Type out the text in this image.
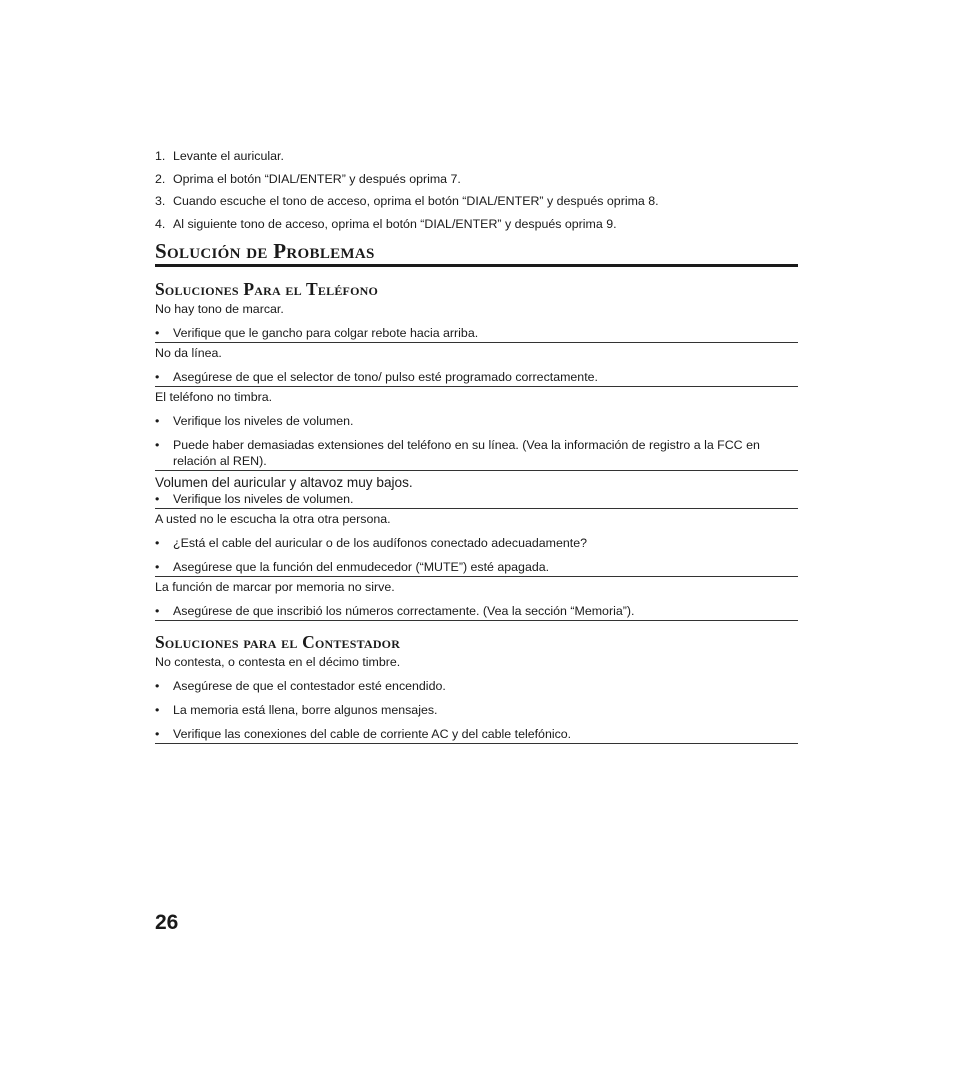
1. Levante el auricular.
2. Oprima el botón “DIAL/ENTER” y después oprima 7.
3. Cuando escuche el tono de acceso, oprima el botón “DIAL/ENTER” y después oprima 8.
4. Al siguiente tono de acceso, oprima el botón “DIAL/ENTER” y después oprima 9.
Solución de Problemas
Soluciones Para el Teléfono
No hay tono de marcar.
•	Verifique que le gancho para colgar rebote hacia arriba.
No da línea.
•	Asegúrese de que el selector de tono/ pulso esté programado correctamente.
El teléfono no timbra.
•	Verifique los niveles de volumen.
•	Puede haber demasiadas extensiones del teléfono en su línea. (Vea la información de registro a la FCC en relación al REN).
Volumen del auricular y altavoz muy bajos.
•	Verifique los niveles de volumen.
A usted no le escucha la otra otra persona.
•	¿Está el cable del auricular o de los audífonos conectado adecuadamente?
•	Asegúrese que la función del enmudecedor (“MUTE”) esté apagada.
La función de marcar por memoria no sirve.
•	Asegúrese de que inscribió los números correctamente. (Vea la sección “Memoria”).
Soluciones para el Contestador
No contesta, o contesta en el décimo timbre.
•	Asegúrese de que el contestador esté encendido.
•	La memoria está llena, borre algunos mensajes.
•	Verifique las conexiones del cable de corriente AC y del cable telefónico.
26
